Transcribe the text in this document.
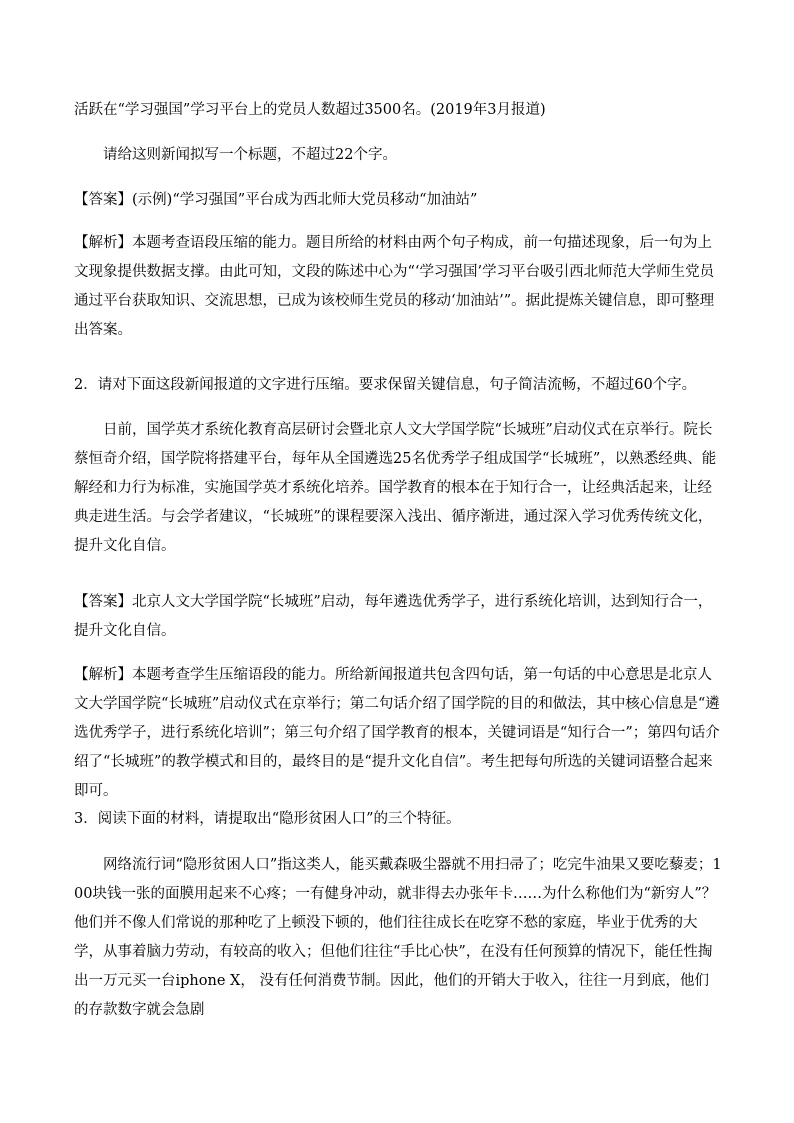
活跃在“学习强国”学习平台上的党员人数超过3500名。(2019年3月报道)

请给这则新闻拟写一个标题，不超过22个字。

【答案】(示例)“学习强国”平台成为西北师大党员移动“加油站”

【解析】本题考查语段压缩的能力。题目所给的材料由两个句子构成，前一句描述现象，后一句为上文现象提供数据支撑。由此可知，文段的陈述中心为“‘学习强国’学习平台吸引西北师范大学师生党员通过平台获取知识、交流思想，已成为该校师生党员的移动‘加油站’”。据此提炼关键信息，即可整理出答案。

2．请对下面这段新闻报道的文字进行压缩。要求保留关键信息，句子简洁流畅，不超过60个字。

日前，国学英才系统化教育高层研讨会暨北京人文大学国学院“长城班”启动仪式在京举行。院长蔡恒奇介绍，国学院将搭建平台，每年从全国遴选25名优秀学子组成国学“长城班”，以熟悉经典、能解经和力行为标准，实施国学英才系统化培养。国学教育的根本在于知行合一，让经典活起来，让经典走进生活。与会学者建议，“长城班”的课程要深入浅出、循序渐进，通过深入学习优秀传统文化，提升文化自信。

【答案】北京人文大学国学院“长城班”启动，每年遴选优秀学子，进行系统化培训，达到知行合一，提升文化自信。

【解析】本题考查学生压缩语段的能力。所给新闻报道共包含四句话，第一句话的中心意思是北京人文大学国学院“长城班”启动仪式在京举行；第二句话介绍了国学院的目的和做法，其中核心信息是“遴选优秀学子，进行系统化培训”；第三句介绍了国学教育的根本，关键词语是“知行合一”；第四句话介绍了“长城班”的教学模式和目的，最终目的是“提升文化自信”。考生把每句所选的关键词语整合起来即可。

3．阅读下面的材料，请提取出“隐形贫困人口”的三个特征。

网络流行词“隐形贫困人口”指这类人，能买戴森吸尘器就不用扫帚了；吃完牛油果又要吃藜麦；100块钱一张的面膜用起来不心疼；一有健身冲动，就非得去办张年卡……为什么称他们为“新穷人”？他们并不像人们常说的那种吃了上顿没下顿的，他们往往成长在吃穿不愁的家庭，毕业于优秀的大学，从事着脑力劳动，有较高的收入；但他们往往“手比心快”，在没有任何预算的情况下，能任性掏出一万元买一台iphone X， 没有任何消费节制。因此，他们的开销大于收入，往往一月到底，他们的存款数字就会急剧
